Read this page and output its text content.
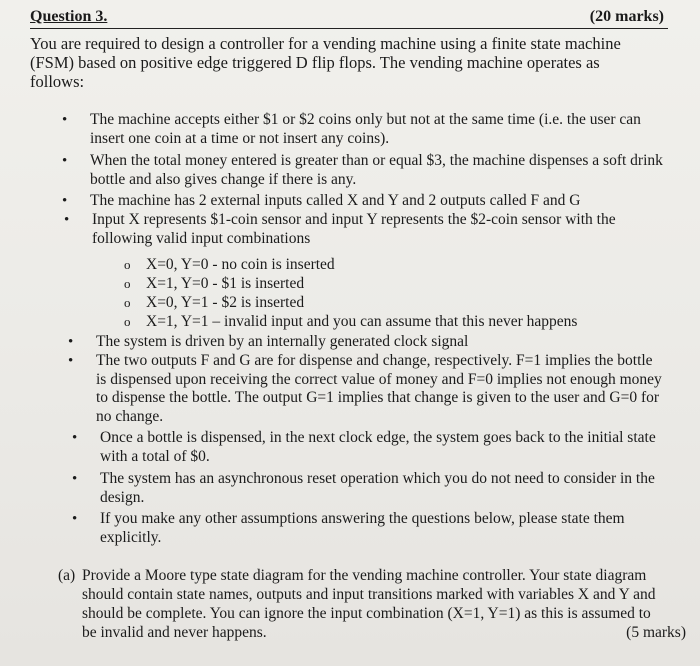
Question 3.	(20 marks)
You are required to design a controller for a vending machine using a finite state machine (FSM) based on positive edge triggered D flip flops. The vending machine operates as follows:
• The machine accepts either $1 or $2 coins only but not at the same time (i.e. the user can insert one coin at a time or not insert any coins).
• When the total money entered is greater than or equal $3, the machine dispenses a soft drink bottle and also gives change if there is any.
• The machine has 2 external inputs called X and Y and 2 outputs called F and G
• Input X represents $1-coin sensor and input Y represents the $2-coin sensor with the following valid input combinations
o X=0, Y=0 - no coin is inserted
o X=1, Y=0 - $1 is inserted
o X=0, Y=1 - $2 is inserted
o X=1, Y=1 – invalid input and you can assume that this never happens
• The system is driven by an internally generated clock signal
• The two outputs F and G are for dispense and change, respectively. F=1 implies the bottle is dispensed upon receiving the correct value of money and F=0 implies not enough money to dispense the bottle. The output G=1 implies that change is given to the user and G=0 for no change.
• Once a bottle is dispensed, in the next clock edge, the system goes back to the initial state with a total of $0.
• The system has an asynchronous reset operation which you do not need to consider in the design.
• If you make any other assumptions answering the questions below, please state them explicitly.
(a) Provide a Moore type state diagram for the vending machine controller. Your state diagram should contain state names, outputs and input transitions marked with variables X and Y and should be complete. You can ignore the input combination (X=1, Y=1) as this is assumed to be invalid and never happens.	(5 marks)
